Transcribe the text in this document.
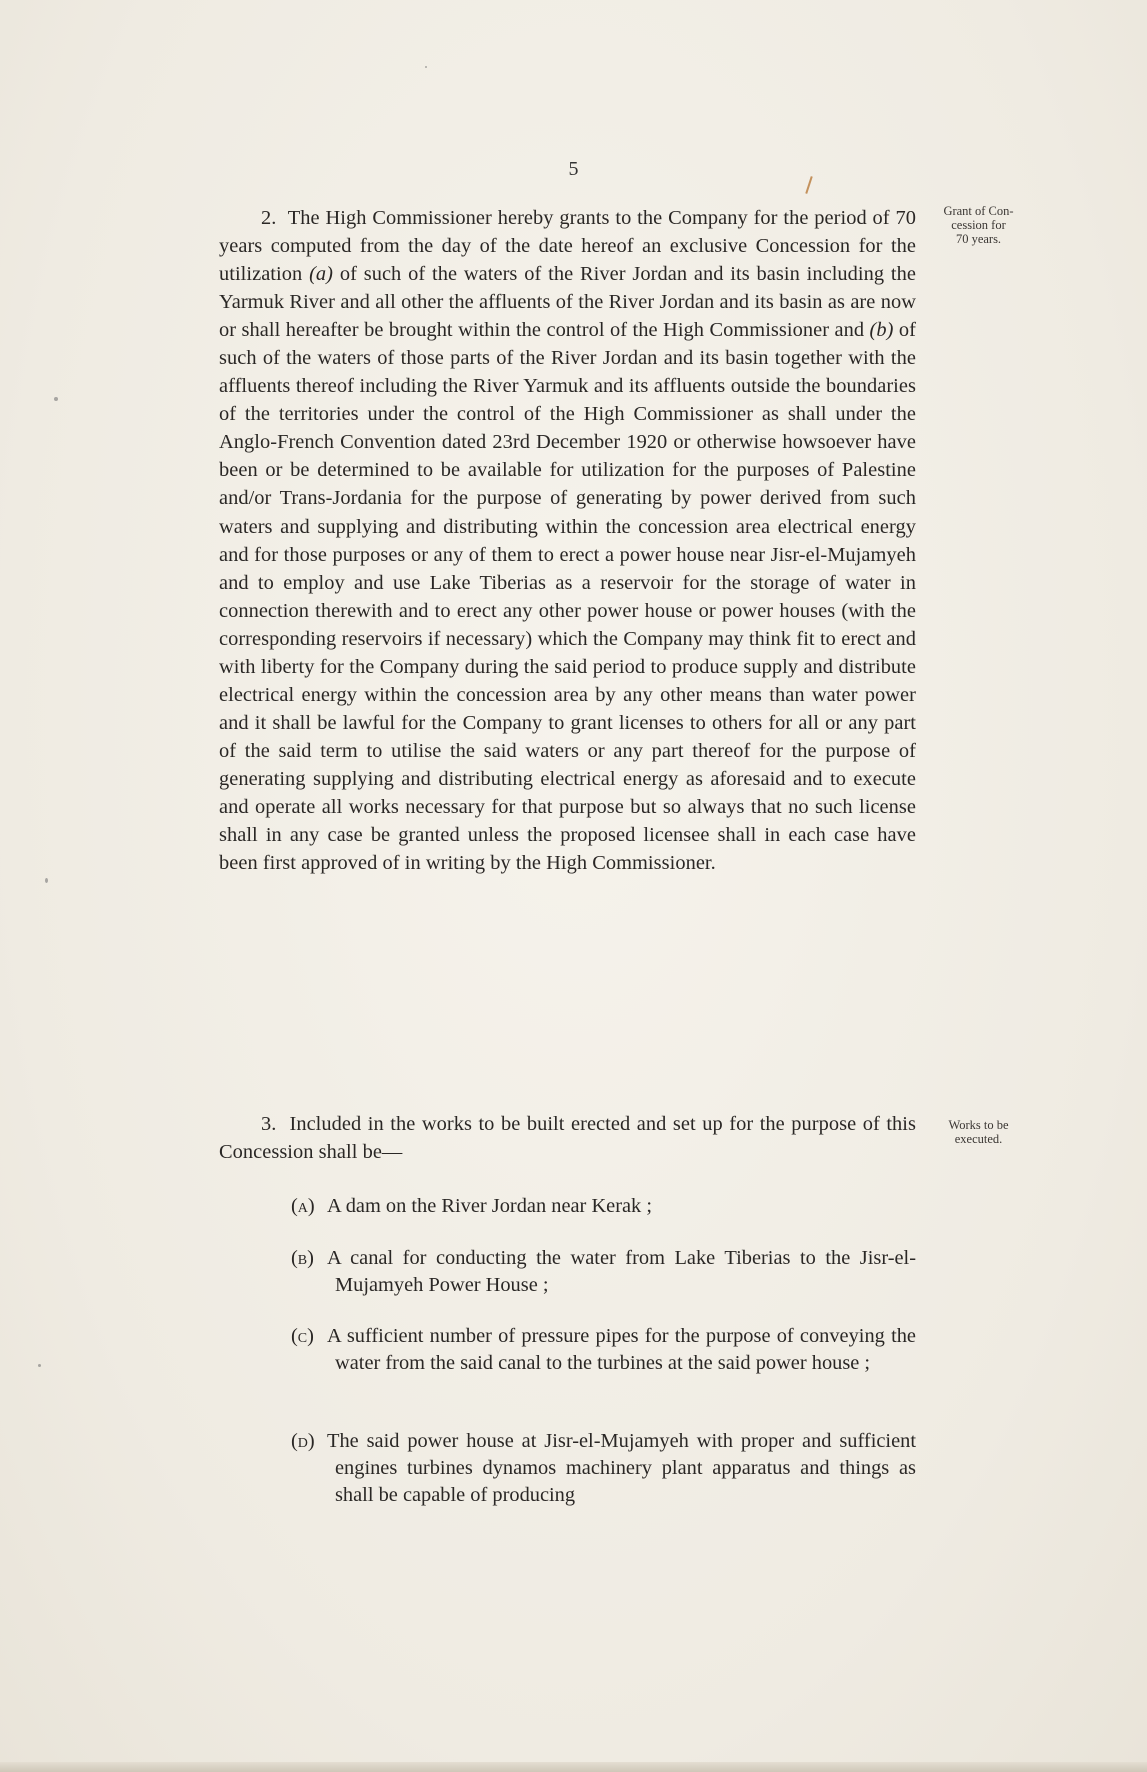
5

2. The High Commissioner hereby grants to the Company for the period of 70 years computed from the day of the date hereof an exclusive Concession for the utilization (a) of such of the waters of the River Jordan and its basin including the Yarmuk River and all other the affluents of the River Jordan and its basin as are now or shall hereafter be brought within the control of the High Commissioner and (b) of such of the waters of those parts of the River Jordan and its basin together with the affluents thereof including the River Yarmuk and its affluents outside the boundaries of the territories under the control of the High Commissioner as shall under the Anglo-French Convention dated 23rd December 1920 or otherwise howsoever have been or be determined to be available for utilization for the purposes of Palestine and/or Trans-Jordania for the purpose of generating by power derived from such waters and supplying and distributing within the concession area electrical energy and for those purposes or any of them to erect a power house near Jisr-el-Mujamyeh and to employ and use Lake Tiberias as a reservoir for the storage of water in connection therewith and to erect any other power house or power houses (with the corresponding reservoirs if necessary) which the Company may think fit to erect and with liberty for the Company during the said period to produce supply and distribute electrical energy within the concession area by any other means than water power and it shall be lawful for the Company to grant licenses to others for all or any part of the said term to utilise the said waters or any part thereof for the purpose of generating supplying and distributing electrical energy as aforesaid and to execute and operate all works necessary for that purpose but so always that no such license shall in any case be granted unless the proposed licensee shall in each case have been first approved of in writing by the High Commissioner.

Grant of Con-
cession for
70 years.

3. Included in the works to be built erected and set up for the purpose of this Concession shall be—

Works to be
executed.
(a) A dam on the River Jordan near Kerak ;
(b) A canal for conducting the water from Lake Tiberias to the Jisr-el-Mujamyeh Power House ;
(c) A sufficient number of pressure pipes for the purpose of conveying the water from the said canal to the turbines at the said power house ;
(d) The said power house at Jisr-el-Mujamyeh with proper and sufficient engines turbines dynamos machinery plant apparatus and things as shall be capable of producing
